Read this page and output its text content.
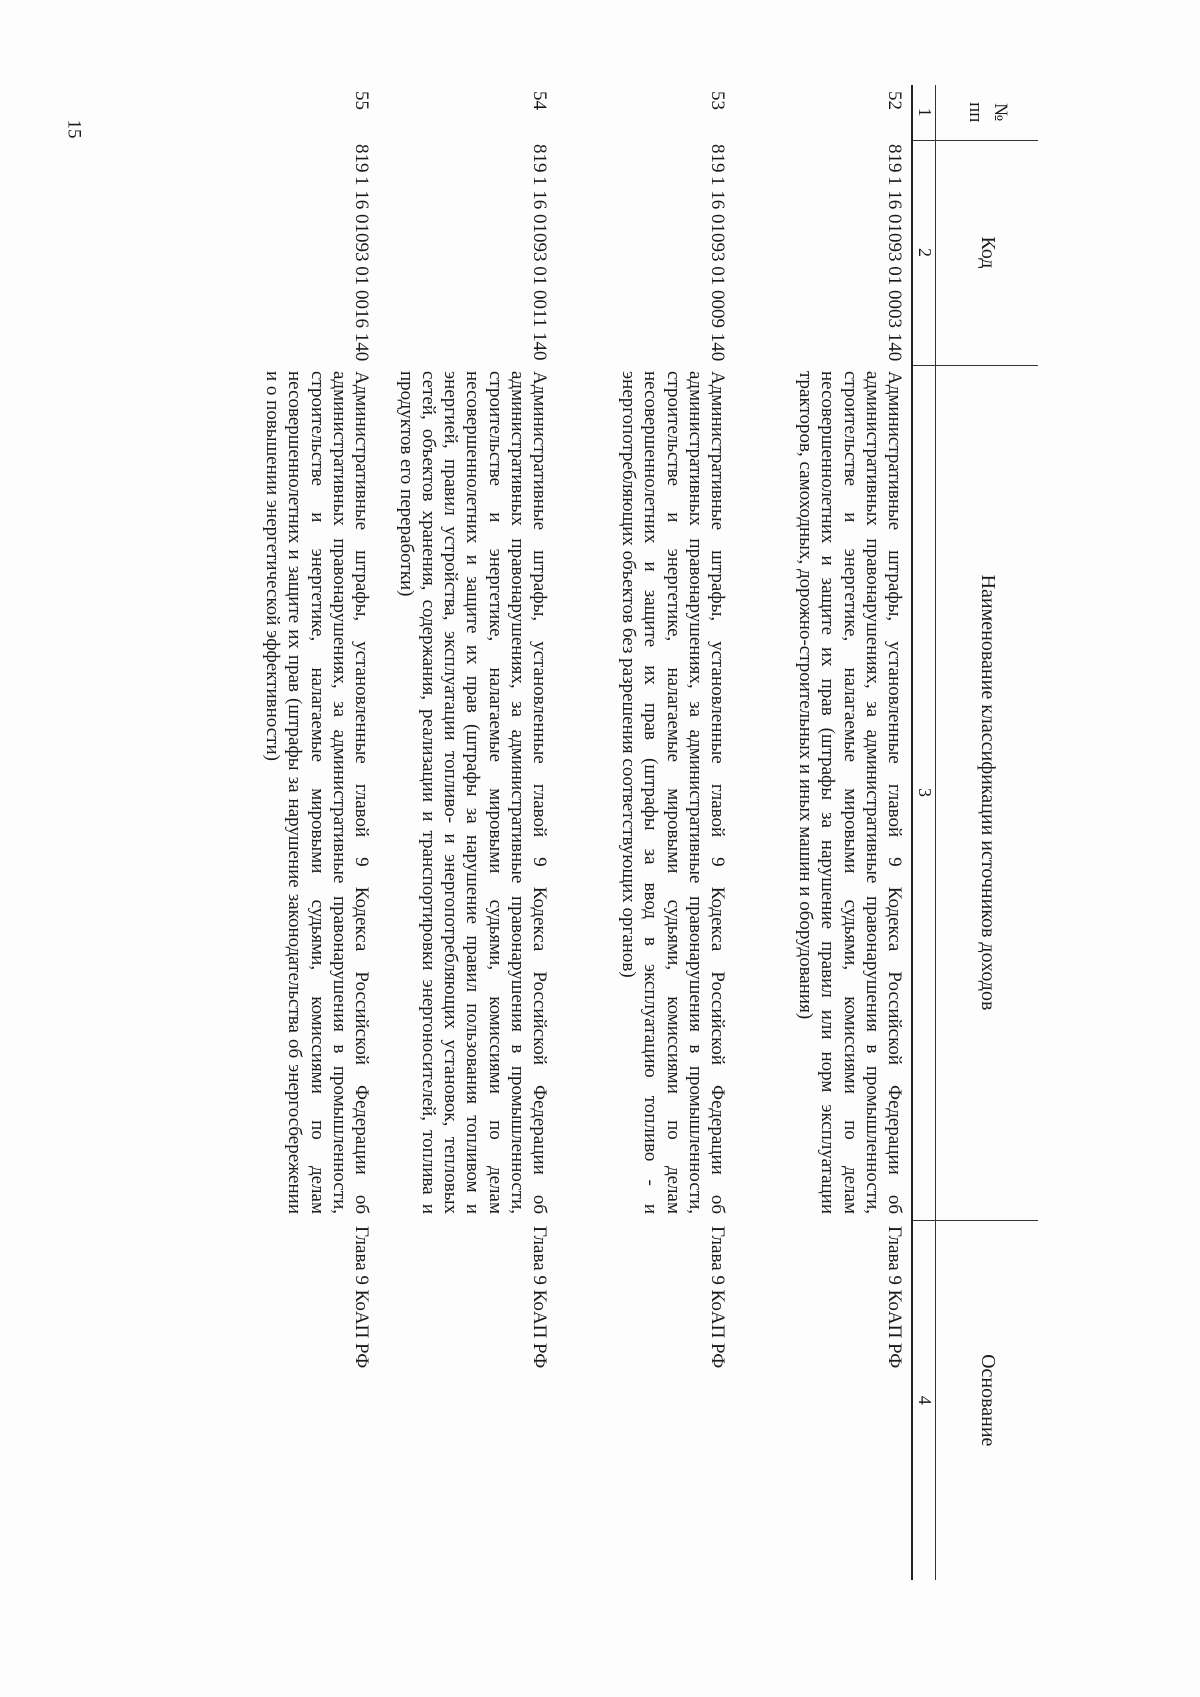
15
№ пп	Код	Наименование классификации источников доходов	Основание
1	2	3	4
52	8191 16 01093 01 0003 140	Административные штрафы, установленные главой 9 Кодекса Российской Федерации об административных правонарушениях, за административные правонарушения в промышленности, строительстве и энергетике, налагаемые мировыми судьями, комиссиями по делам несовершеннолетних и защите их прав (штрафы за нарушение правил или норм эксплуатации тракторов, самоходных, дорожно-строительных и иных машин и оборудования)	Глава 9 КоАП РФ
53	8191 16 01093 01 0009 140	Административные штрафы, установленные главой 9 Кодекса Российской Федерации об административных правонарушениях, за административные правонарушения в промышленности, строительстве и энергетике, налагаемые мировыми судьями, комиссиями по делам несовершеннолетних и защите их прав (штрафы за ввод в эксплуатацию топливо - и энергопотребляющих объектов без разрешения соответствующих органов)	Глава 9 КоАП РФ
54	8191 16 01093 01 0011 140	Административные штрафы, установленные главой 9 Кодекса Российской Федерации об административных правонарушениях, за административные правонарушения в промышленности, строительстве и энергетике, налагаемые мировыми судьями, комиссиями по делам несовершеннолетних и защите их прав (штрафы за нарушение правил пользования топливом и энергией, правил устройства, эксплуатации топливо- и энергопотребляющих установок, тепловых сетей, объектов хранения, содержания, реализации и транспортировки энергоносителей, топлива и продуктов его переработки)	Глава 9 КоАП РФ
55	8191 16 01093 01 0016 140	Административные штрафы, установленные главой 9 Кодекса Российской Федерации об административных правонарушениях, за административные правонарушения в промышленности, строительстве и энергетике, налагаемые мировыми судьями, комиссиями по делам несовершеннолетних и защите их прав (штрафы за нарушение законодательства об энергосбережении и о повышении энергетической эффективности)	Глава 9 КоАП РФ
